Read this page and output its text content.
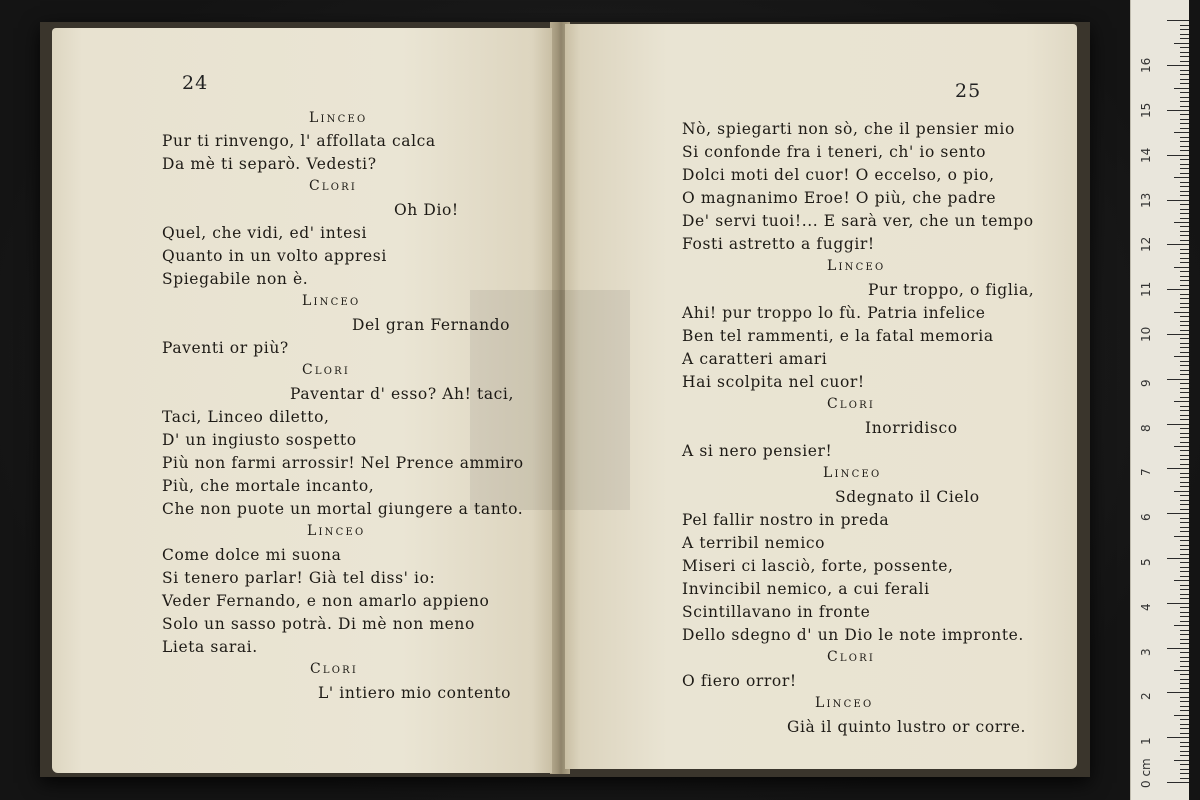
24
Linceo
Pur ti rinvengo, l' affollata calca
Da mè ti separò. Vedesti?
Clori
Oh Dio!
Quel, che vidi, ed' intesi
Quanto in un volto appresi
Spiegabile non è.
Linceo
Del gran Fernando
Paventi or più?
Clori
Paventar d' esso? Ah! taci,
Taci, Linceo diletto,
D' un ingiusto sospetto
Più non farmi arrossir! Nel Prence ammiro
Più, che mortale incanto,
Che non puote un mortal giungere a tanto.
Linceo
Come dolce mi suona
Si tenero parlar! Già tel diss' io:
Veder Fernando, e non amarlo appieno
Solo un sasso potrà. Di mè non meno
Lieta sarai.
Clori
L' intiero mio contento
25
Nò, spiegarti non sò, che il pensier mio
Si confonde fra i teneri, ch' io sento
Dolci moti del cuor! O eccelso, o pio,
O magnanimo Eroe! O più, che padre
De' servi tuoi!... E sarà ver, che un tempo
Fosti astretto a fuggir!
Linceo
Pur troppo, o figlia,
Ahi! pur troppo lo fù. Patria infelice
Ben tel rammenti, e la fatal memoria
A caratteri amari
Hai scolpita nel cuor!
Clori
Inorridisco
A si nero pensier!
Linceo
Sdegnato il Cielo
Pel fallir nostro in preda
A terribil nemico
Miseri ci lasciò, forte, possente,
Invincibil nemico, a cui ferali
Scintillavano in fronte
Dello sdegno d' un Dio le note impronte.
Clori
O fiero orror!
Linceo
Già il quinto lustro or corre.
0 cm
1
2
3
4
5
6
7
8
9
10
11
12
13
14
15
16
